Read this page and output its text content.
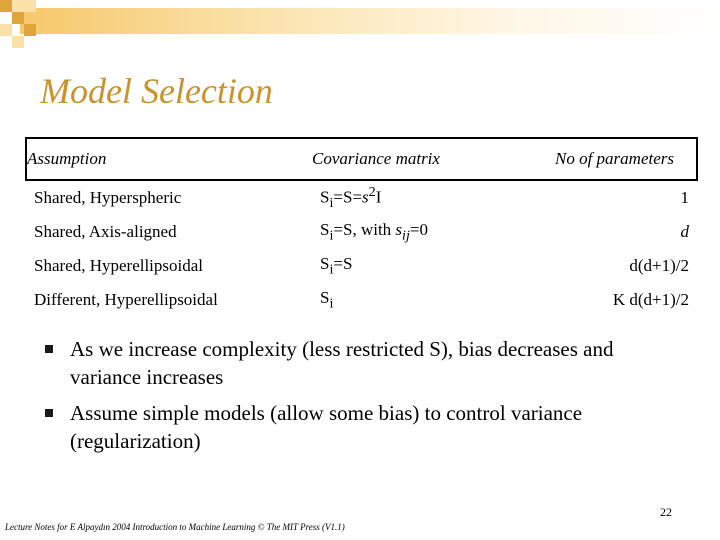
Model Selection
Assumption	Covariance matrix	No of parameters
Shared, Hyperspheric	$S_i=S=s^2I$	1
Shared, Axis-aligned	$S_i=S$, with $s_{ij}=0$	d
Shared, Hyperellipsoidal	$S_i=S$	d(d+1)/2
Different, Hyperellipsoidal	$S_i$	K d(d+1)/2
As we increase complexity (less restricted S), bias decreases and variance increases
Assume simple models (allow some bias) to control variance (regularization)
22
Lecture Notes for E Alpaydın 2004 Introduction to Machine Learning © The MIT Press (V1.1)
